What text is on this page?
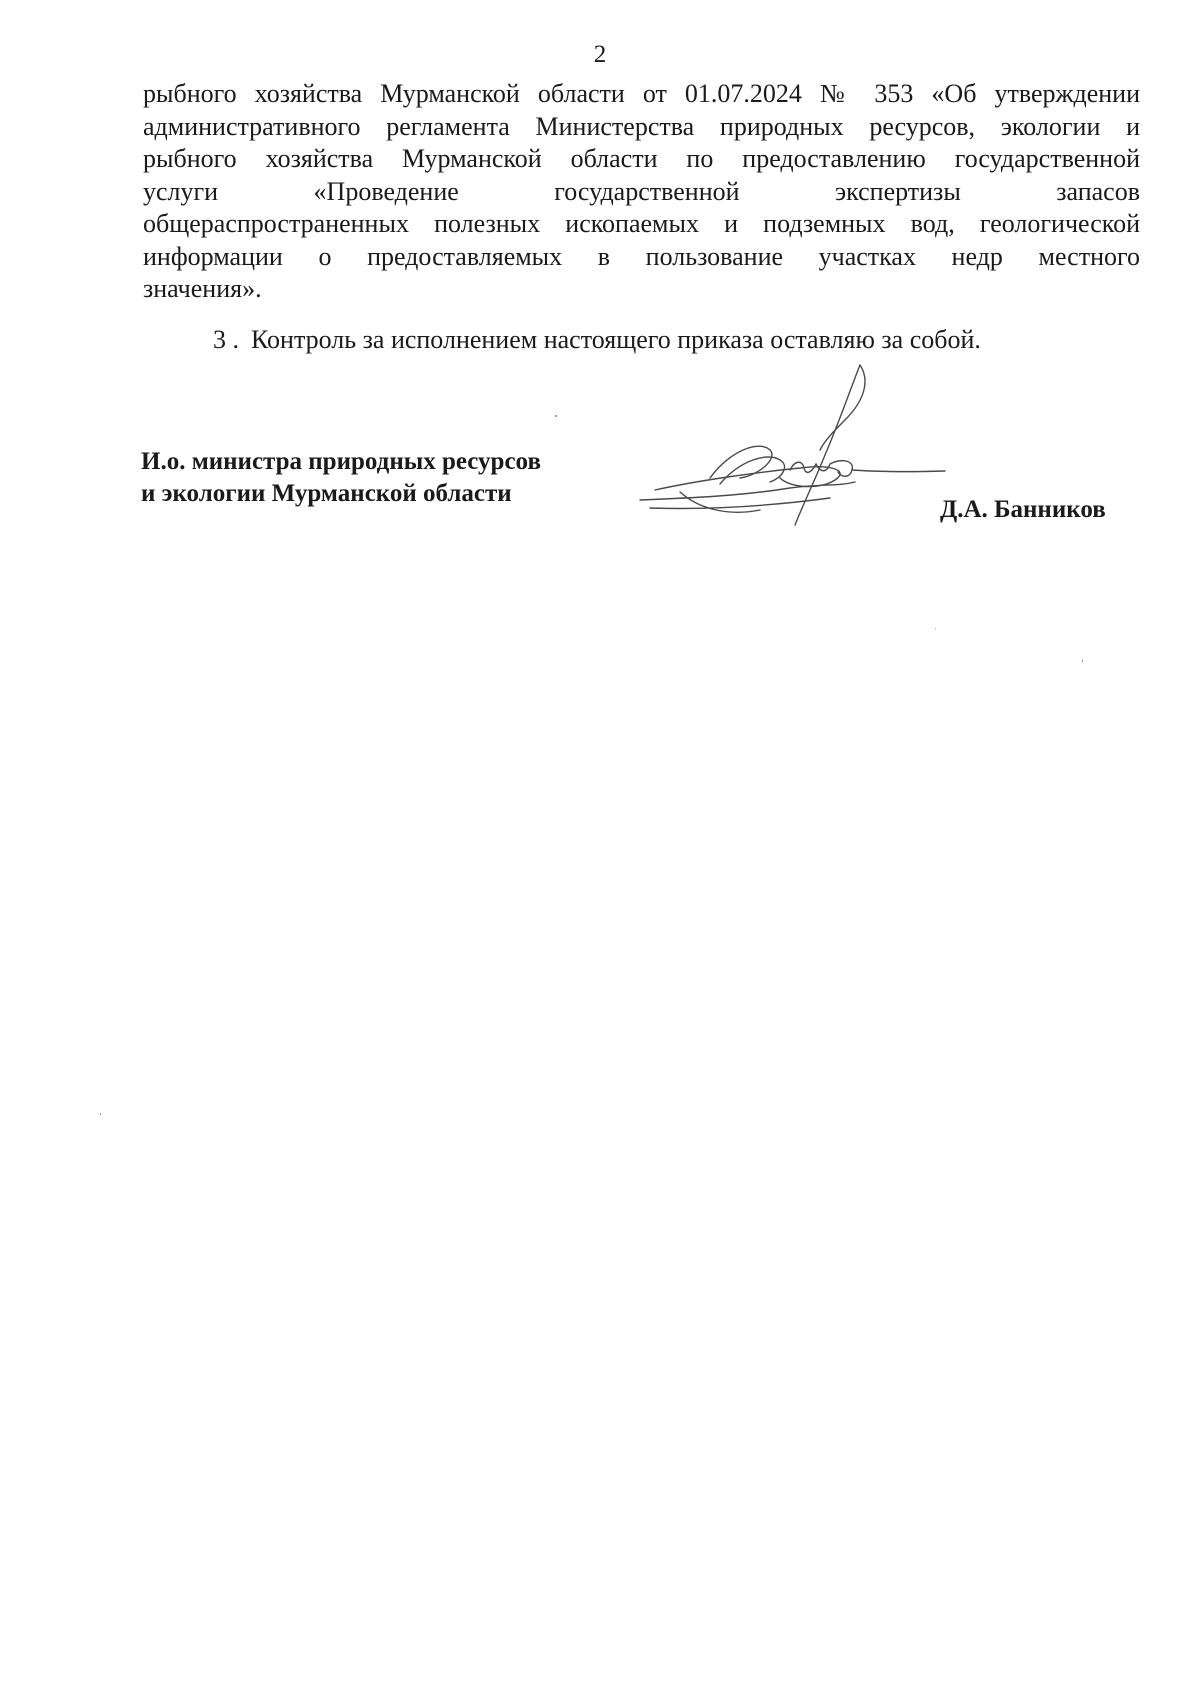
2
рыбного хозяйства Мурманской области от 01.07.2024 № 353 «Об утверждении
административного регламента Министерства природных ресурсов, экологии и
рыбного хозяйства Мурманской области по предоставлению государственной
услуги «Проведение государственной экспертизы запасов
общераспространенных полезных ископаемых и подземных вод, геологической
информации о предоставляемых в пользование участках недр местного
значения».
3 . Контроль за исполнением настоящего приказа оставляю за собой.
И.о. министра природных ресурсов
и экологии Мурманской области
Д.А. Банников
